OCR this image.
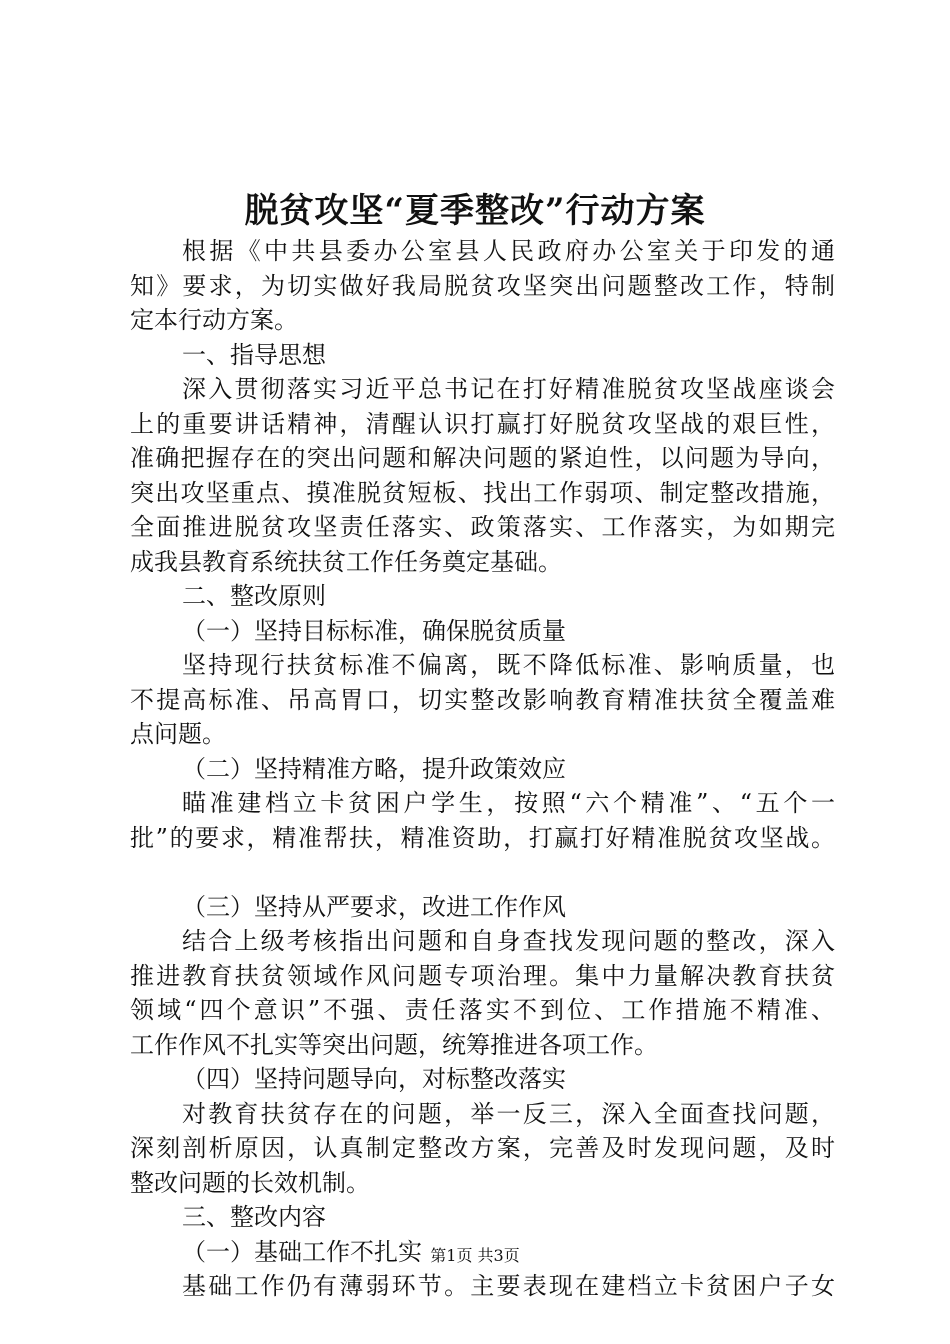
脱贫攻坚“夏季整改”行动方案
根据《中共县委办公室县人民政府办公室关于印发的通
知》要求，为切实做好我局脱贫攻坚突出问题整改工作，特制
定本行动方案。
一、指导思想
深入贯彻落实习近平总书记在打好精准脱贫攻坚战座谈会
上的重要讲话精神，清醒认识打赢打好脱贫攻坚战的艰巨性，
准确把握存在的突出问题和解决问题的紧迫性，以问题为导向，
突出攻坚重点、摸准脱贫短板、找出工作弱项、制定整改措施，
全面推进脱贫攻坚责任落实、政策落实、工作落实，为如期完
成我县教育系统扶贫工作任务奠定基础。
二、整改原则
（一）坚持目标标准，确保脱贫质量
坚持现行扶贫标准不偏离，既不降低标准、影响质量，也
不提高标准、吊高胃口，切实整改影响教育精准扶贫全覆盖难
点问题。
（二）坚持精准方略，提升政策效应
瞄准建档立卡贫困户学生，按照“六个精准”、“五个一
批”的要求，精准帮扶，精准资助，打赢打好精准脱贫攻坚战。
（三）坚持从严要求，改进工作作风
结合上级考核指出问题和自身查找发现问题的整改，深入
推进教育扶贫领域作风问题专项治理。集中力量解决教育扶贫
领域“四个意识”不强、责任落实不到位、工作措施不精准、
工作作风不扎实等突出问题，统筹推进各项工作。
（四）坚持问题导向，对标整改落实
对教育扶贫存在的问题，举一反三，深入全面查找问题，
深刻剖析原因，认真制定整改方案，完善及时发现问题，及时
整改问题的长效机制。
三、整改内容
（一）基础工作不扎实
基础工作仍有薄弱环节。主要表现在建档立卡贫困户子女
第1页 共3页
